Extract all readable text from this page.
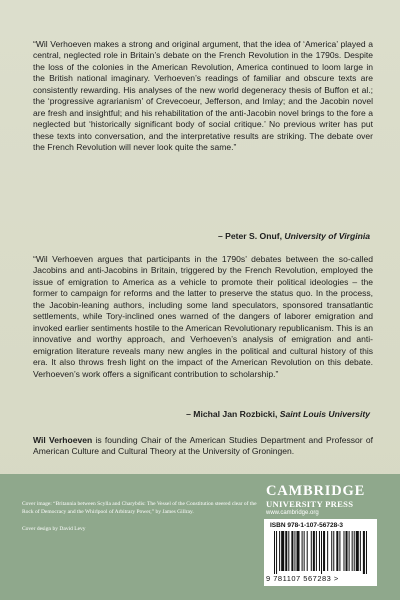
“Wil Verhoeven makes a strong and original argument, that the idea of ‘America’ played a central, neglected role in Britain’s debate on the French Revolution in the 1790s. Despite the loss of the colonies in the American Revolution, America continued to loom large in the British national imaginary. Verhoeven’s readings of familiar and obscure texts are consistently rewarding. His analyses of the new world degeneracy thesis of Buffon et al.; the ‘progressive agrarianism’ of Crevecoeur, Jefferson, and Imlay; and the Jacobin novel are fresh and insightful; and his rehabilitation of the anti-Jacobin novel brings to the fore a neglected but ‘historically significant body of social critique.’ No previous writer has put these texts into conversation, and the interpretative results are striking. The debate over the French Revolution will never look quite the same.”

– Peter S. Onuf, University of Virginia

“Wil Verhoeven argues that participants in the 1790s’ debates between the so-called Jacobins and anti-Jacobins in Britain, triggered by the French Revolution, employed the issue of emigration to America as a vehicle to promote their political ideologies – the former to campaign for reforms and the latter to preserve the status quo. In the process, the Jacobin-leaning authors, including some land speculators, sponsored transatlantic settlements, while Tory-inclined ones warned of the dangers of laborer emigration and invoked earlier sentiments hostile to the American Revolutionary republicanism. This is an innovative and worthy approach, and Verhoeven’s analysis of emigration and anti-emigration literature reveals many new angles in the political and cultural history of this era. It also throws fresh light on the impact of the American Revolution on this debate. Verhoeven’s work offers a significant contribution to scholarship.”

– Michal Jan Rozbicki, Saint Louis University

Wil Verhoeven is founding Chair of the American Studies Department and Professor of American Culture and Cultural Theory at the University of Groningen.

Cover image: “Britannia between Scylla and Charybdis: The Vessel of the Constitution steered clear of the Rock of Democracy and the Whirlpool of Arbitrary Power,” by James Gillray.

Cover design by David Levy

CAMBRIDGE
UNIVERSITY PRESS
www.cambridge.org
ISBN 978-1-107-56728-3
9 781107 567283 >
